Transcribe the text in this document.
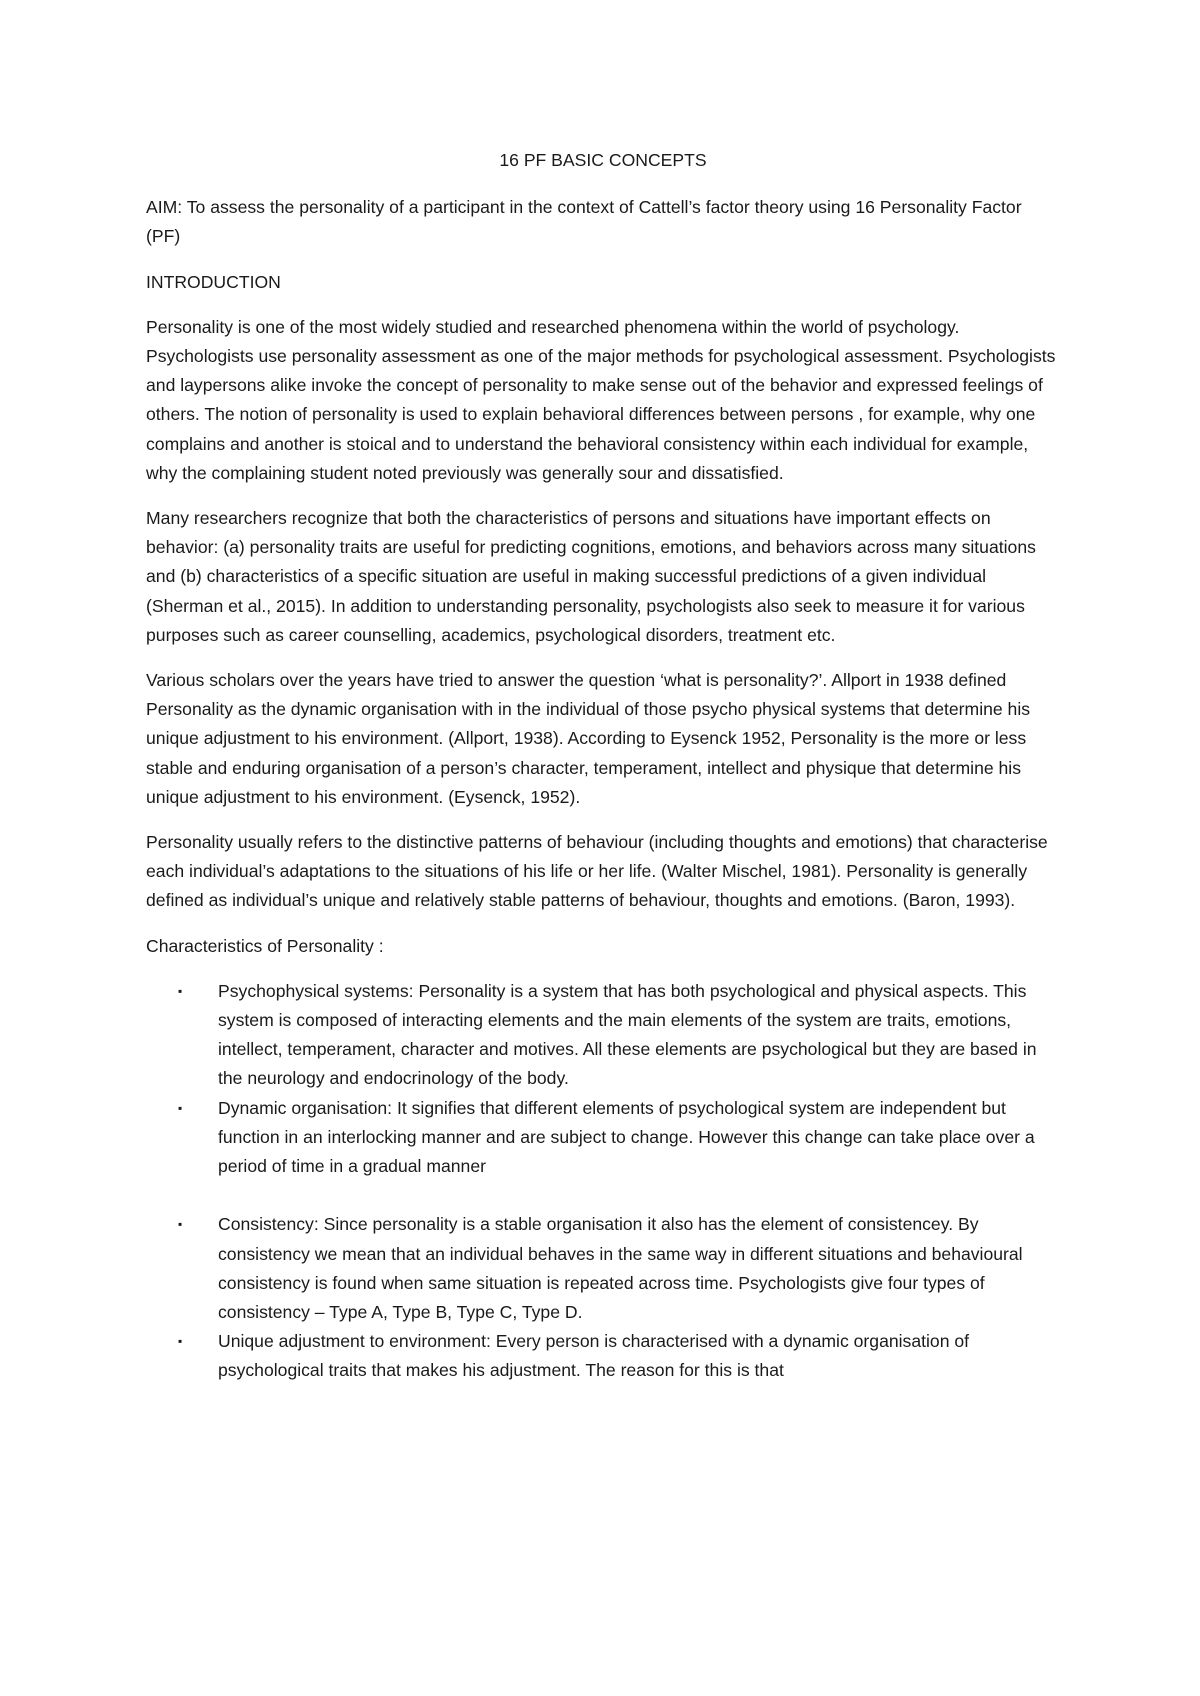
16 PF BASIC CONCEPTS

AIM: To assess the personality of a participant in the context of Cattell’s factor theory using 16 Personality Factor (PF)

INTRODUCTION

Personality is one of the most widely studied and researched phenomena within the world of psychology. Psychologists use personality assessment as one of the major methods for psychological assessment. Psychologists and laypersons alike invoke the concept of personality to make sense out of the behavior and expressed feelings of others. The notion of personality is used to explain behavioral differences between persons , for example, why one complains and another is stoical and to understand the behavioral consistency within each individual for example, why the complaining student noted previously was generally sour and dissatisfied.

Many researchers recognize that both the characteristics of persons and situations have important effects on behavior: (a) personality traits are useful for predicting cognitions, emotions, and behaviors across many situations and (b) characteristics of a specific situation are useful in making successful predictions of a given individual (Sherman et al., 2015). In addition to understanding personality, psychologists also seek to measure it for various purposes such as career counselling, academics, psychological disorders, treatment etc.

Various scholars over the years have tried to answer the question ‘what is personality?’. Allport in 1938 defined Personality as the dynamic organisation with in the individual of those psycho physical systems that determine his unique adjustment to his environment. (Allport, 1938). According to Eysenck 1952, Personality is the more or less stable and enduring organisation of a person’s character, temperament, intellect and physique that determine his unique adjustment to his environment. (Eysenck, 1952).

Personality usually refers to the distinctive patterns of behaviour (including thoughts and emotions) that characterise each individual’s adaptations to the situations of his life or her life. (Walter Mischel, 1981). Personality is generally defined as individual’s unique and relatively stable patterns of behaviour, thoughts and emotions. (Baron, 1993).

Characteristics of Personality :

▪ Psychophysical systems: Personality is a system that has both psychological and physical aspects. This system is composed of interacting elements and the main elements of the system are traits, emotions, intellect, temperament, character and motives. All these elements are psychological but they are based in the neurology and endocrinology of the body.
▪ Dynamic organisation: It signifies that different elements of psychological system are independent but function in an interlocking manner and are subject to change. However this change can take place over a period of time in a gradual manner
▪ Consistency: Since personality is a stable organisation it also has the element of consistencey. By consistency we mean that an individual behaves in the same way in different situations and behavioural consistency is found when same situation is repeated across time. Psychologists give four types of consistency – Type A, Type B, Type C, Type D.
▪ Unique adjustment to environment: Every person is characterised with a dynamic organisation of psychological traits that makes his adjustment. The reason for this is that
